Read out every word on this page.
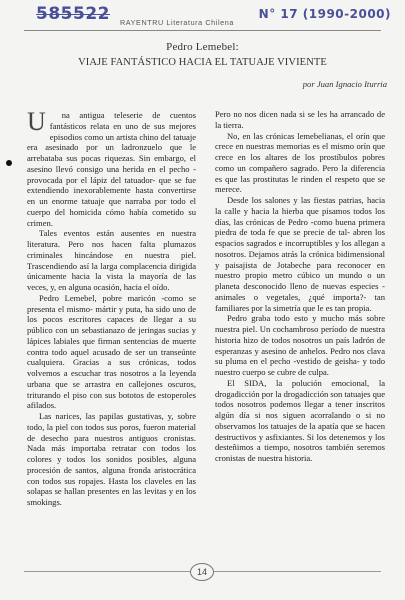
585522	N° 17 (1990-2000)
RAYENTRU Literatura Chilena
Pedro Lemebel:
VIAJE FANTÁSTICO HACIA EL TATUAJE VIVIENTE
por Juan Ignacio Iturria

U na antigua teleserie de cuentos fantásticos relata en uno de sus mejores episodios como un artista chino del tatuaje era asesinado por un ladronzuelo que le arrebataba sus pocas riquezas. Sin embargo, el asesino llevó consigo una herida en el pecho -provocada por el lápiz del tatuador- que se fue extendiendo inexorablemente hasta convertirse en un enorme tatuaje que narraba por todo el cuerpo del homicida cómo había cometido su crimen.

Tales eventos están ausentes en nuestra literatura. Pero nos hacen falta plumazos criminales hincándose en nuestra piel. Trascendiendo así la larga complacencia dirigida únicamente hacia la vista la mayoría de las veces, y, en alguna ocasión, hacia el oído.

Pedro Lemebel, pobre maricón -como se presenta el mismo- mártir y puta, ha sido uno de los pocos escritores capaces de llegar a su público con un sebastianazo de jeringas sucias y lápices labiales que firman sentencias de muerte contra todo aquel acusado de ser un transeúnte cualquiera. Gracias a sus crónicas, todos volvemos a escuchar tras nosotros a la leyenda urbana que se arrastra en callejones oscuros, triturando el piso con sus bototos de estoperoles afilados.

Las narices, las papilas gustativas, y, sobre todo, la piel con todos sus poros, fueron material de desecho para nuestros antiguos cronistas. Nada más importaba retratar con todos los colores y todos los sonidos posibles, alguna procesión de santos, alguna fronda aristocrática con todos sus ropajes. Hasta los claveles en las solapas se hallan presentes en las levitas y en los smokings.

Pero no nos dicen nada si se les ha arrancado de la tierra.

No, en las crónicas lemebelianas, el orín que crece en nuestras memorias es el mismo orín que crece en los altares de los prostíbulos pobres como un compañero sagrado. Pero la diferencia es que las prostitutas le rinden el respeto que se merece.

Desde los salones y las fiestas patrias, hacia la calle y hacia la hierba que pisamos todos los días, las crónicas de Pedro -como buena primera piedra de toda fe que se precie de tal- abren los espacios sagrados e incorruptibles y los allegan a nosotros. Dejamos atrás la crónica bidimensional y paisajista de Jotabeche para reconocer en nuestro propio metro cúbico un mundo o un planeta desconocido lleno de nuevas especies -animales o vegetales, ¿qué importa?- tan familiares por la simetría que le es tan propia.

Pedro graba todo esto y mucho más sobre nuestra piel. Un cochambroso período de nuestra historia hizo de todos nosotros un país ladrón de esperanzas y asesino de anhelos. Pedro nos clava su pluma en el pecho -vestido de geisha- y todo nuestro cuerpo se cubre de culpa.

El SIDA, la polución emocional, la drogadicción por la drogadicción son tatuajes que todos nosotros podemos llegar a tener inscritos algún día si nos siguen acorralando o si no observamos los tatuajes de la apatía que se hacen destructivos y asfixiantes. Si los detenemos y los desteñimos a tiempo, nosotros también seremos cronistas de nuestra historia.

14
